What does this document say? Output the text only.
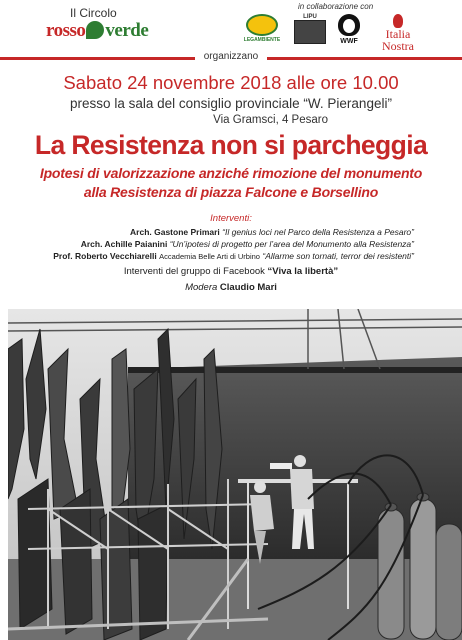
Il Circolo
rosso verde
in collaborazione con
LEGAMBIENTE
LIPU
WWF
Italia
Nostra
organizzano
Sabato 24 novembre 2018 alle ore 10.00
presso la sala del consiglio provinciale “W. Pierangeli”
Via Gramsci, 4 Pesaro
La Resistenza non si parcheggia
Ipotesi di valorizzazione anziché rimozione del monumento
alla Resistenza di piazza Falcone e Borsellino
Interventi:
Arch. Gastone Primari “Il genius loci nel Parco della Resistenza a Pesaro”
Arch. Achille Paianini “Un’ipotesi di progetto per l’area del Monumento alla Resistenza”
Prof. Roberto Vecchiarelli Accademia Belle Arti di Urbino “Allarme son tornati, terror dei resistenti”
Interventi del gruppo di Facebook “Viva la libertà”
Modera Claudio Mari
